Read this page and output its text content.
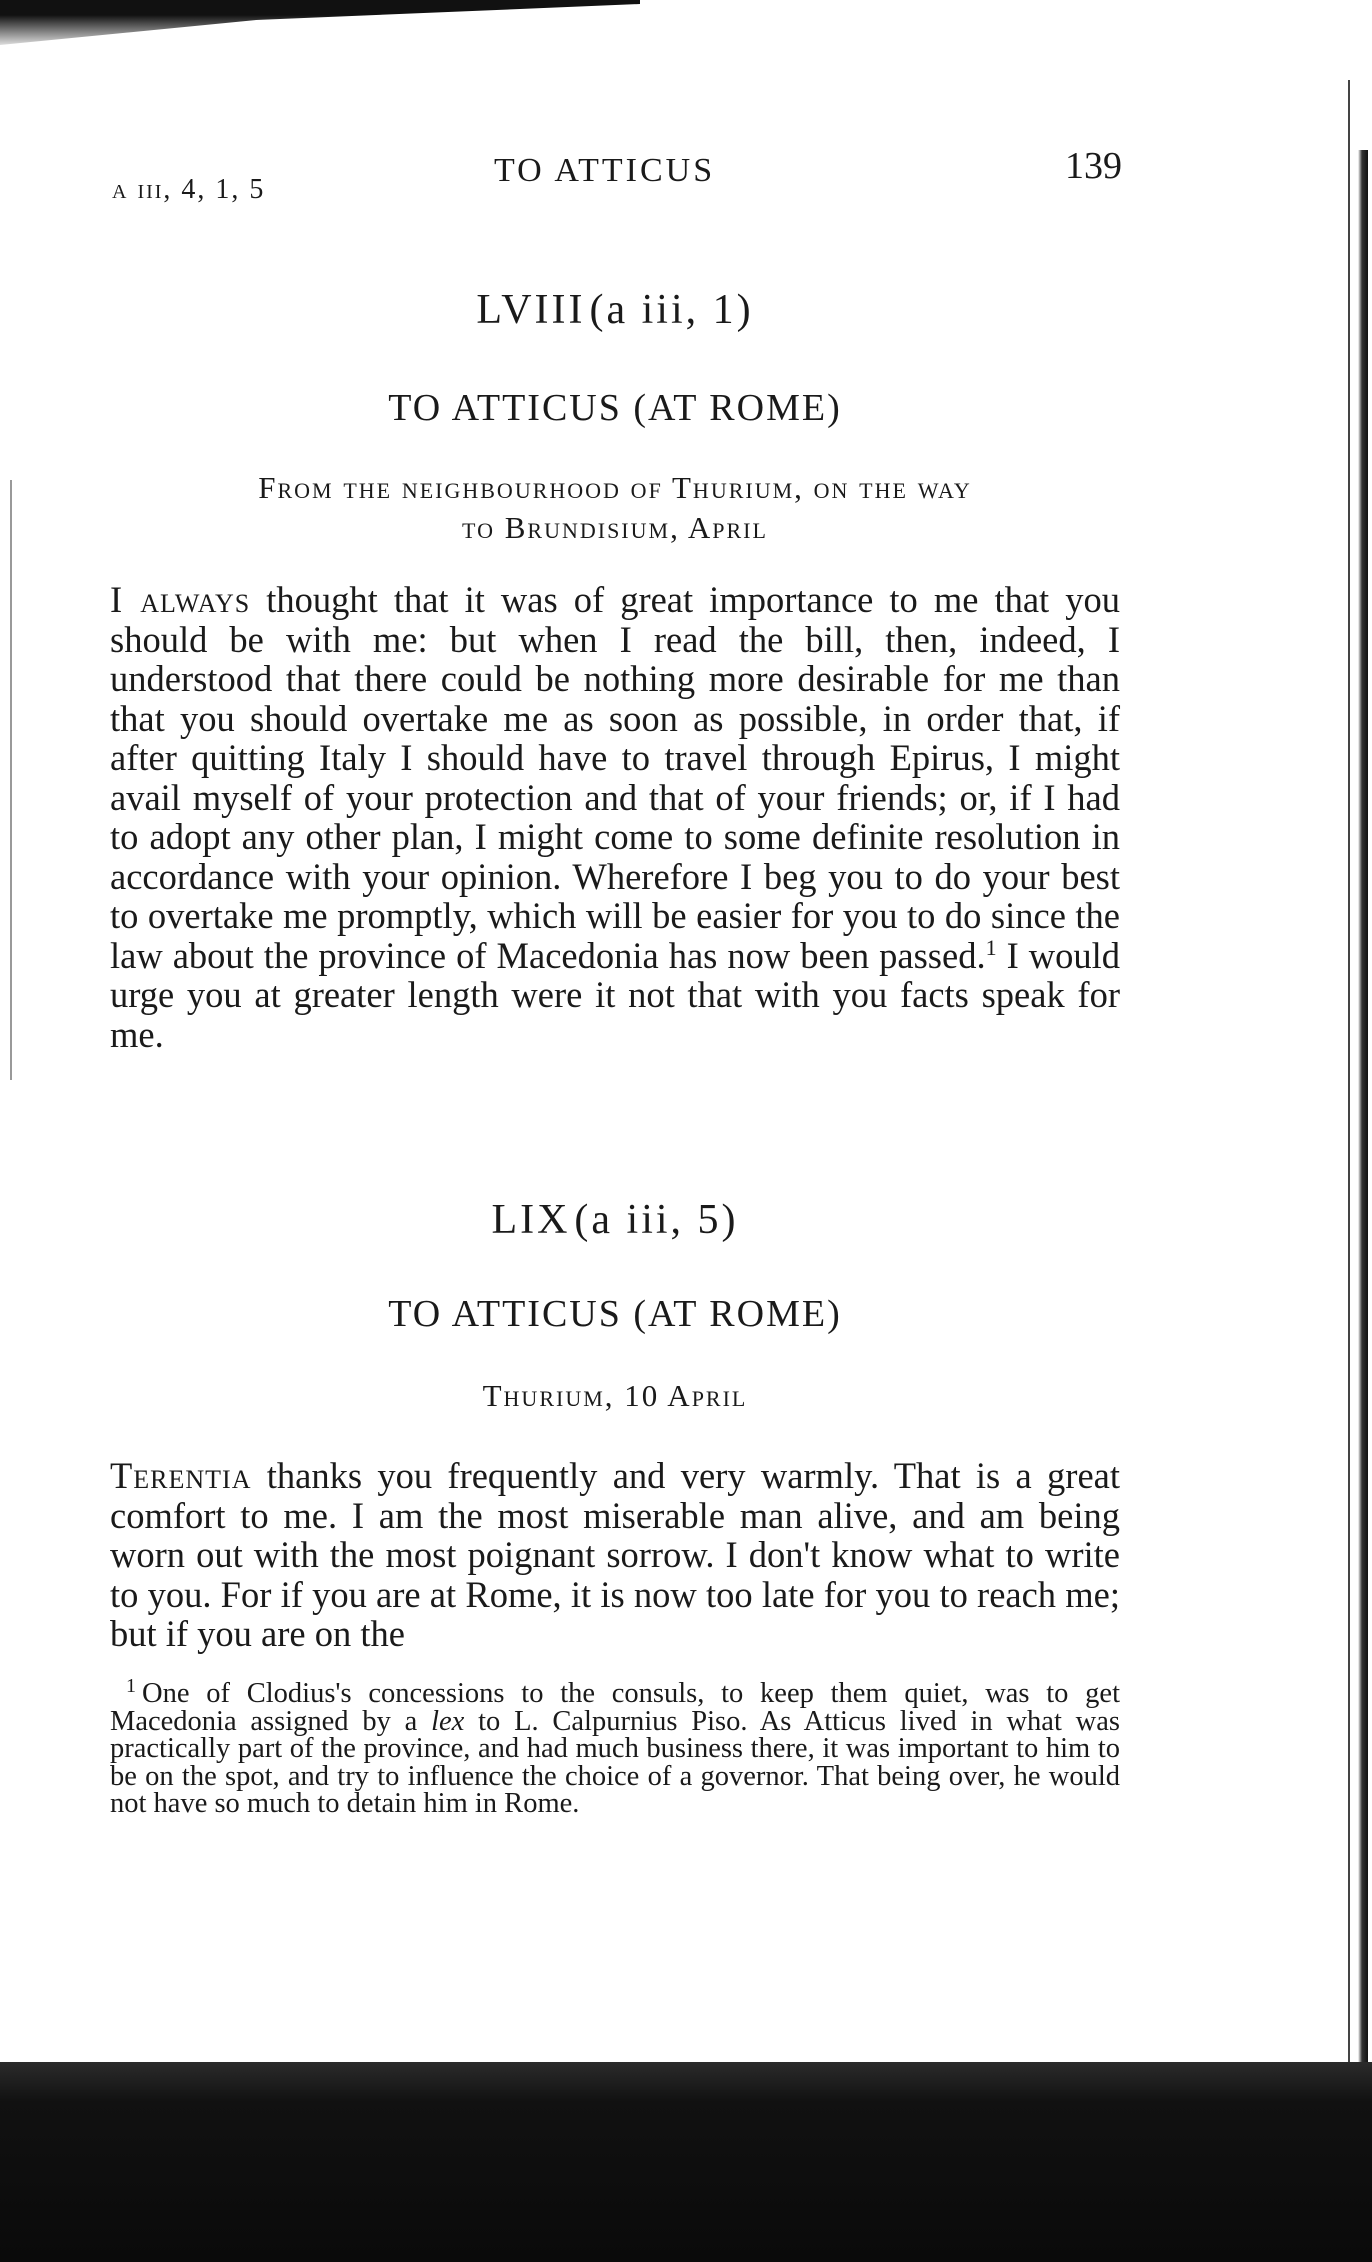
a iii, 4, 1, 5
TO ATTICUS	139
LVIII (a iii, 1)
TO ATTICUS (AT ROME)
From the neighbourhood of Thurium, on the way
to Brundisium, April
I always thought that it was of great importance to me that you should be with me: but when I read the bill, then, indeed, I understood that there could be nothing more desirable for me than that you should overtake me as soon as possible, in order that, if after quitting Italy I should have to travel through Epirus, I might avail myself of your protection and that of your friends; or, if I had to adopt any other plan, I might come to some definite resolution in accordance with your opinion. Wherefore I beg you to do your best to overtake me promptly, which will be easier for you to do since the law about the province of Macedonia has now been passed.$^1$ I would urge you at greater length were it not that with you facts speak for me.
LIX (a iii, 5)
TO ATTICUS (AT ROME)
Thurium, 10 April
Terentia thanks you frequently and very warmly. That is a great comfort to me. I am the most miserable man alive, and am being worn out with the most poignant sorrow. I don't know what to write to you. For if you are at Rome, it is now too late for you to reach me; but if you are on the
$^1$ One of Clodius's concessions to the consuls, to keep them quiet, was to get Macedonia assigned by a lex to L. Calpurnius Piso. As Atticus lived in what was practically part of the province, and had much business there, it was important to him to be on the spot, and try to influence the choice of a governor. That being over, he would not have so much to detain him in Rome.
